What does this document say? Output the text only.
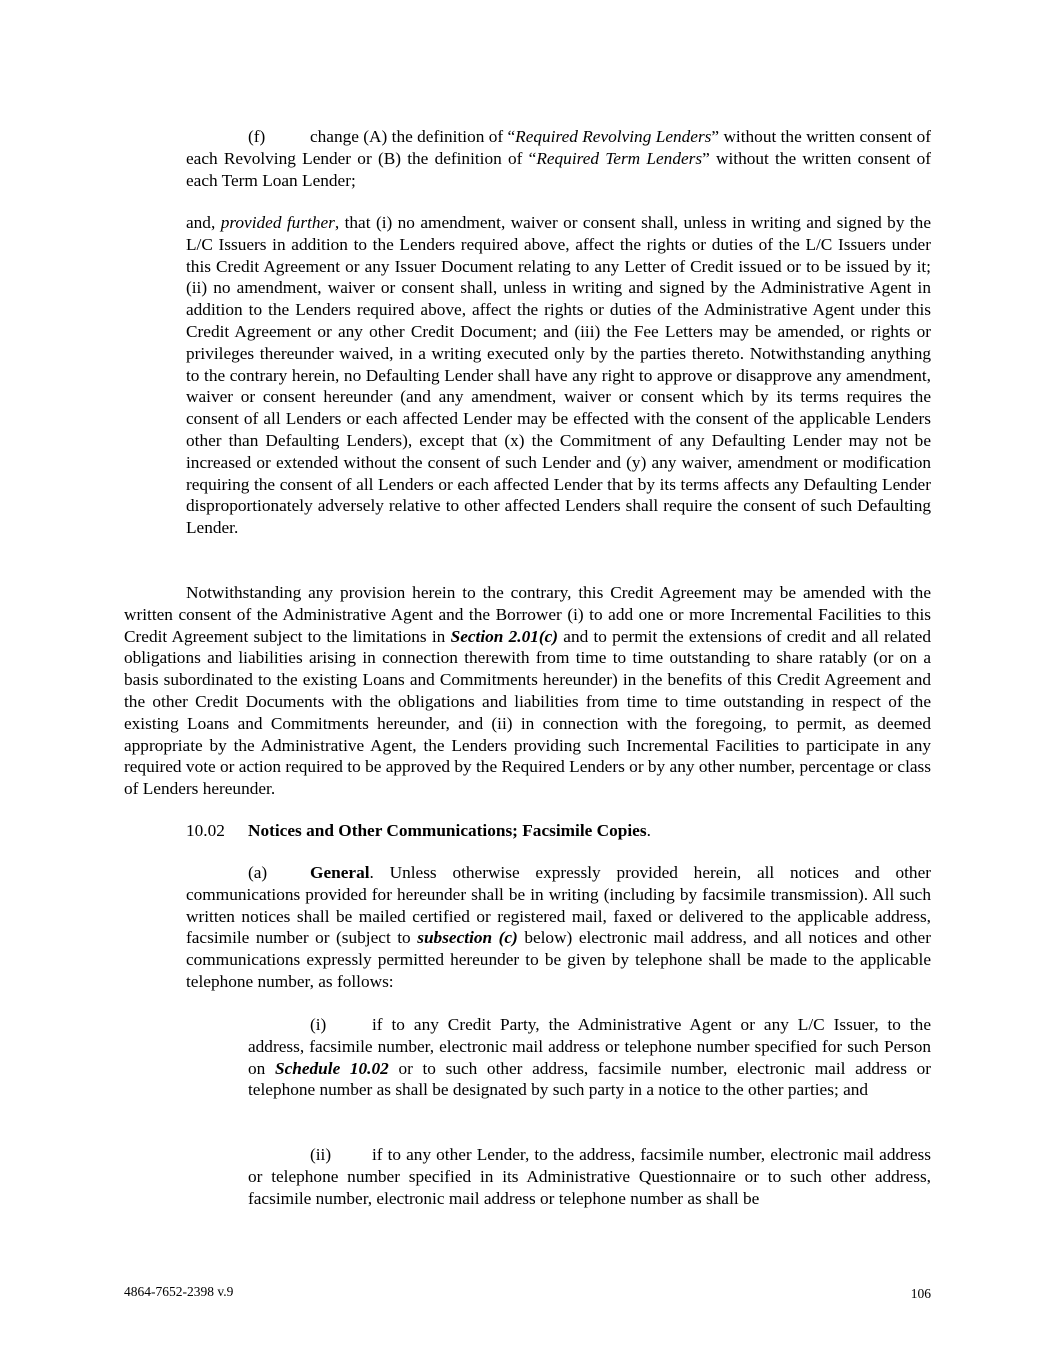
(f)	change (A) the definition of “Required Revolving Lenders” without the written consent of each Revolving Lender or (B) the definition of “Required Term Lenders” without the written consent of each Term Loan Lender;

and, provided further, that (i) no amendment, waiver or consent shall, unless in writing and signed by the L/C Issuers in addition to the Lenders required above, affect the rights or duties of the L/C Issuers under this Credit Agreement or any Issuer Document relating to any Letter of Credit issued or to be issued by it; (ii) no amendment, waiver or consent shall, unless in writing and signed by the Administrative Agent in addition to the Lenders required above, affect the rights or duties of the Administrative Agent under this Credit Agreement or any other Credit Document; and (iii) the Fee Letters may be amended, or rights or privileges thereunder waived, in a writing executed only by the parties thereto. Notwithstanding anything to the contrary herein, no Defaulting Lender shall have any right to approve or disapprove any amendment, waiver or consent hereunder (and any amendment, waiver or consent which by its terms requires the consent of all Lenders or each affected Lender may be effected with the consent of the applicable Lenders other than Defaulting Lenders), except that (x) the Commitment of any Defaulting Lender may not be increased or extended without the consent of such Lender and (y) any waiver, amendment or modification requiring the consent of all Lenders or each affected Lender that by its terms affects any Defaulting Lender disproportionately adversely relative to other affected Lenders shall require the consent of such Defaulting Lender.

Notwithstanding any provision herein to the contrary, this Credit Agreement may be amended with the written consent of the Administrative Agent and the Borrower (i) to add one or more Incremental Facilities to this Credit Agreement subject to the limitations in Section 2.01(c) and to permit the extensions of credit and all related obligations and liabilities arising in connection therewith from time to time outstanding to share ratably (or on a basis subordinated to the existing Loans and Commitments hereunder) in the benefits of this Credit Agreement and the other Credit Documents with the obligations and liabilities from time to time outstanding in respect of the existing Loans and Commitments hereunder, and (ii) in connection with the foregoing, to permit, as deemed appropriate by the Administrative Agent, the Lenders providing such Incremental Facilities to participate in any required vote or action required to be approved by the Required Lenders or by any other number, percentage or class of Lenders hereunder.

10.02 Notices and Other Communications; Facsimile Copies.

(a) General. Unless otherwise expressly provided herein, all notices and other communications provided for hereunder shall be in writing (including by facsimile transmission). All such written notices shall be mailed certified or registered mail, faxed or delivered to the applicable address, facsimile number or (subject to subsection (c) below) electronic mail address, and all notices and other communications expressly permitted hereunder to be given by telephone shall be made to the applicable telephone number, as follows:

(i)	if to any Credit Party, the Administrative Agent or any L/C Issuer, to the address, facsimile number, electronic mail address or telephone number specified for such Person on Schedule 10.02 or to such other address, facsimile number, electronic mail address or telephone number as shall be designated by such party in a notice to the other parties; and

(ii) if to any other Lender, to the address, facsimile number, electronic mail address or telephone number specified in its Administrative Questionnaire or to such other address, facsimile number, electronic mail address or telephone number as shall be

4864-7652-2398 v.9	106
